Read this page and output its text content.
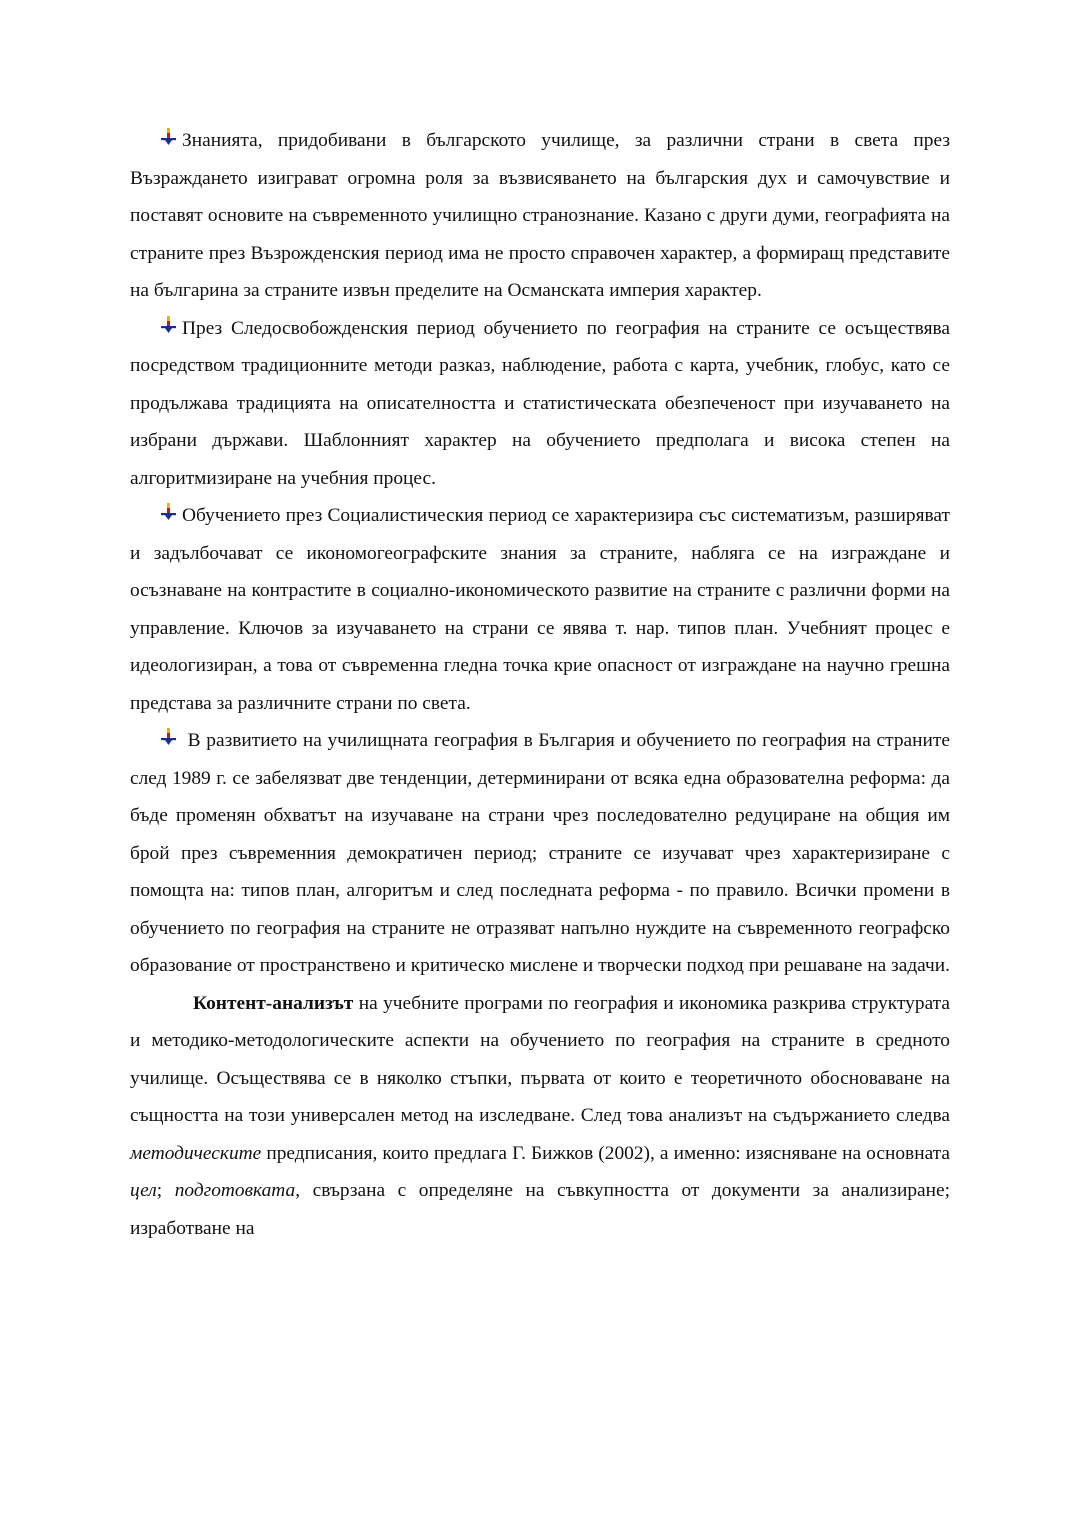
Знанията, придобивани в българското училище, за различни страни в света през Възраждането изиграват огромна роля за възвисяването на българския дух и самочувствие и поставят основите на съвременното училищно странознание. Казано с други думи, географията на страните през Възрожденския период има не просто справочен характер, а формиращ представите на българина за страните извън пределите на Османската империя характер.

През Следосвобожденския период обучението по география на страните се осъществява посредством традиционните методи разказ, наблюдение, работа с карта, учебник, глобус, като се продължава традицията на описателността и статистическата обезпеченост при изучаването на избрани държави. Шаблонният характер на обучението предполага и висока степен на алгоритмизиране на учебния процес.

Обучението през Социалистическия период се характеризира със систематизъм, разширяват и задълбочават се икономогеографските знания за страните, набляга се на изграждане и осъзнаване на контрастите в социално-икономическото развитие на страните с различни форми на управление. Ключов за изучаването на страни се явява т. нар. типов план. Учебният процес е идеологизиран, а това от съвременна гледна точка крие опасност от изграждане на научно грешна представа за различните страни по света.

В развитието на училищната география в България и обучението по география на страните след 1989 г. се забелязват две тенденции, детерминирани от всяка една образователна реформа: да бъде променян обхватът на изучаване на страни чрез последователно редуциране на общия им брой през съвременния демократичен период; страните се изучават чрез характеризиране с помощта на: типов план, алгоритъм и след последната реформа - по правило. Всички промени в обучението по география на страните не отразяват напълно нуждите на съвременното географско образование от пространствено и критическо мислене и творчески подход при решаване на задачи.

Контент-анализът на учебните програми по география и икономика разкрива структурата и методико-методологическите аспекти на обучението по география на страните в средното училище. Осъществява се в няколко стъпки, първата от които е теоретичното обосноваване на същността на този универсален метод на изследване. След това анализът на съдържанието следва методическите предписания, които предлага Г. Бижков (2002), а именно: изясняване на основната цел; подготовката, свързана с определяне на съвкупността от документи за анализиране; изработване на
